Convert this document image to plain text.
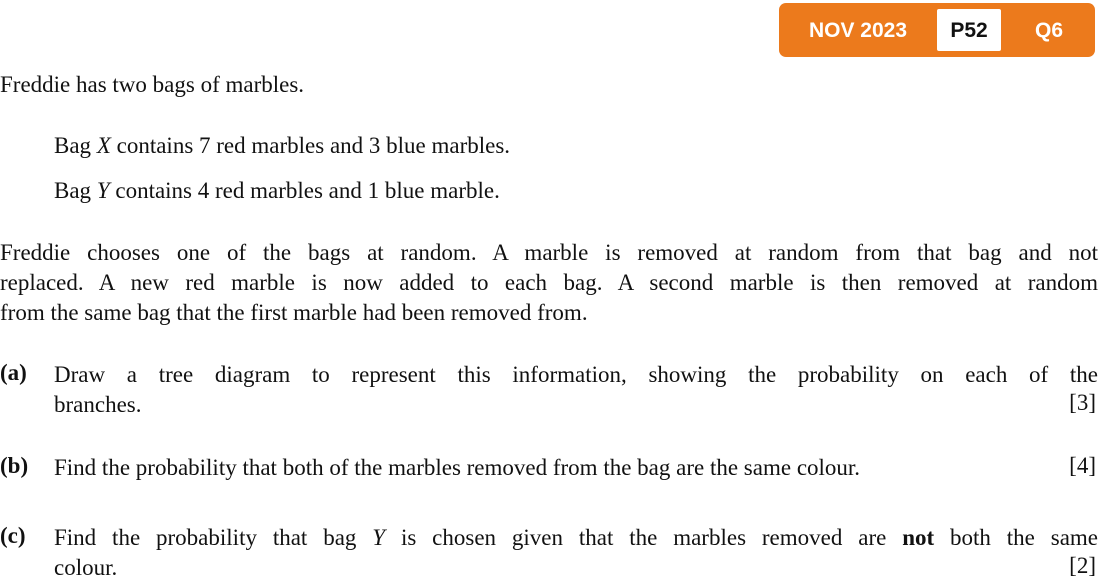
NOV 2023	P52	Q6
Freddie has two bags of marbles.
Bag X contains 7 red marbles and 3 blue marbles.
Bag Y contains 4 red marbles and 1 blue marble.
Freddie chooses one of the bags at random. A marble is removed at random from that bag and not
replaced. A new red marble is now added to each bag. A second marble is then removed at random
from the same bag that the first marble had been removed from.
(a) Draw a tree diagram to represent this information, showing the probability on each of the
branches.	[3]
(b) Find the probability that both of the marbles removed from the bag are the same colour.	[4]
(c) Find the probability that bag Y is chosen given that the marbles removed are not both the same
colour.	[2]
